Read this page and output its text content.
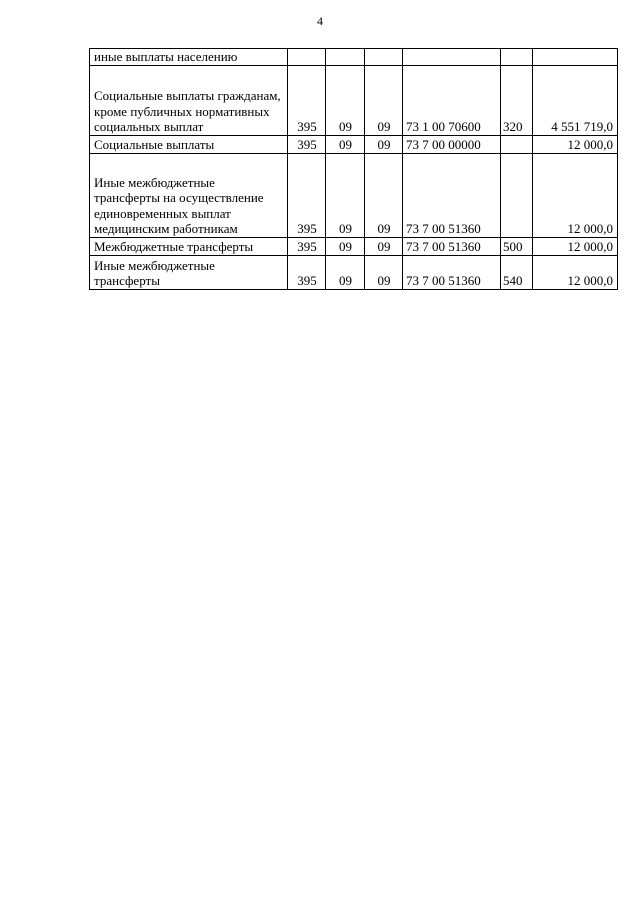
4
иные выплаты населению						
Социальные выплаты гражданам, кроме публичных нормативных социальных выплат	395	09	09	73 1 00 70600	320	4 551 719,0
Социальные выплаты	395	09	09	73 7 00 00000		12 000,0
Иные межбюджетные трансферты на осуществление единовременных выплат медицинским работникам	395	09	09	73 7 00 51360		12 000,0
Межбюджетные трансферты	395	09	09	73 7 00 51360	500	12 000,0
Иные межбюджетные трансферты	395	09	09	73 7 00 51360	540	12 000,0
